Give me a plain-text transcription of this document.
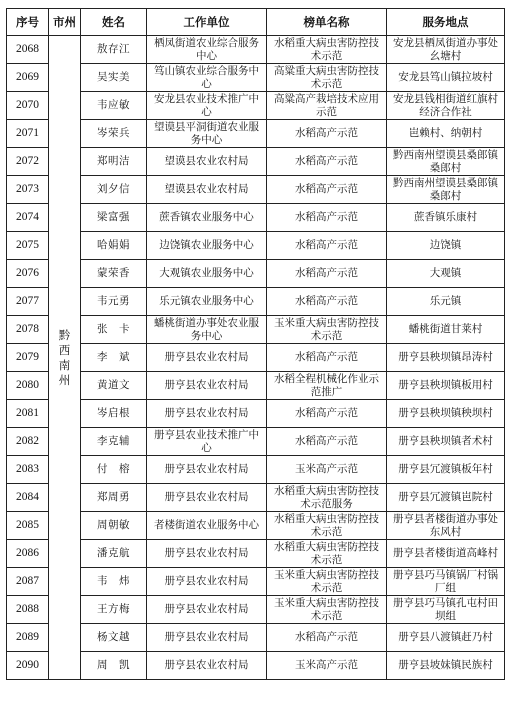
序号	市州	姓名	工作单位	榜单名称	服务地点
2068	黔西南州	敖存江	栖凤街道农业综合服务中心	水稻重大病虫害防控技术示范	安龙县栖凤街道办事处幺塘村

2069		吴实美	笃山镇农业综合服务中心	高粱重大病虫害防控技术示范	安龙县笃山镇拉坡村

2070		韦应敏	安龙县农业技术推广中心	高粱高产栽培技术应用示范	安龙县钱相街道红旗村经济合作社

2071		岑荣兵	望谟县平洞街道农业服务中心	水稻高产示范	岜赖村、纳朝村

2072		郑明洁	望谟县农业农村局	水稻高产示范	黔西南州望谟县桑郎镇桑郎村

2073		刘夕信	望谟县农业农村局	水稻高产示范	黔西南州望谟县桑郎镇桑郎村

2074		梁富强	蔗香镇农业服务中心	水稻高产示范	蔗香镇乐康村

2075		哈娟娟	边饶镇农业服务中心	水稻高产示范	边饶镇

2076		蒙荣香	大观镇农业服务中心	水稻高产示范	大观镇

2077		韦元勇	乐元镇农业服务中心	水稻高产示范	乐元镇

2078		张　卡	蟠桃街道办事处农业服务中心	玉米重大病虫害防控技术示范	蟠桃街道甘莱村

2079		李　斌	册亨县农业农村局	水稻高产示范	册亨县秧坝镇昂涛村

2080		黄道文	册亨县农业农村局	水稻全程机械化作业示范推广	册亨县秧坝镇板用村

2081		岑启根	册亨县农业农村局	水稻高产示范	册亨县秧坝镇秧坝村

2082		李克辅	册亨县农业技术推广中心	水稻高产示范	册亨县秧坝镇者术村

2083		付　榕	册亨县农业农村局	玉米高产示范	册亨县冗渡镇板年村

2084		郑周勇	册亨县农业农村局	水稻重大病虫害防控技术示范服务	册亨县冗渡镇岜院村

2085		周朝敏	者楼街道农业服务中心	水稻重大病虫害防控技术示范	册亨县者楼街道办事处东风村

2086		潘克航	册亨县农业农村局	水稻重大病虫害防控技术示范	册亨县者楼街道高峰村

2087		韦　炜	册亨县农业农村局	玉米重大病虫害防控技术示范	册亨县巧马镇锅厂村锅厂组

2088		王方梅	册亨县农业农村局	玉米重大病虫害防控技术示范	册亨县巧马镇孔屯村田坝组

2089		杨文越	册亨县农业农村局	水稻高产示范	册亨县八渡镇赶乃村

2090		周　凯	册亨县农业农村局	玉米高产示范	册亨县坡妹镇民族村
